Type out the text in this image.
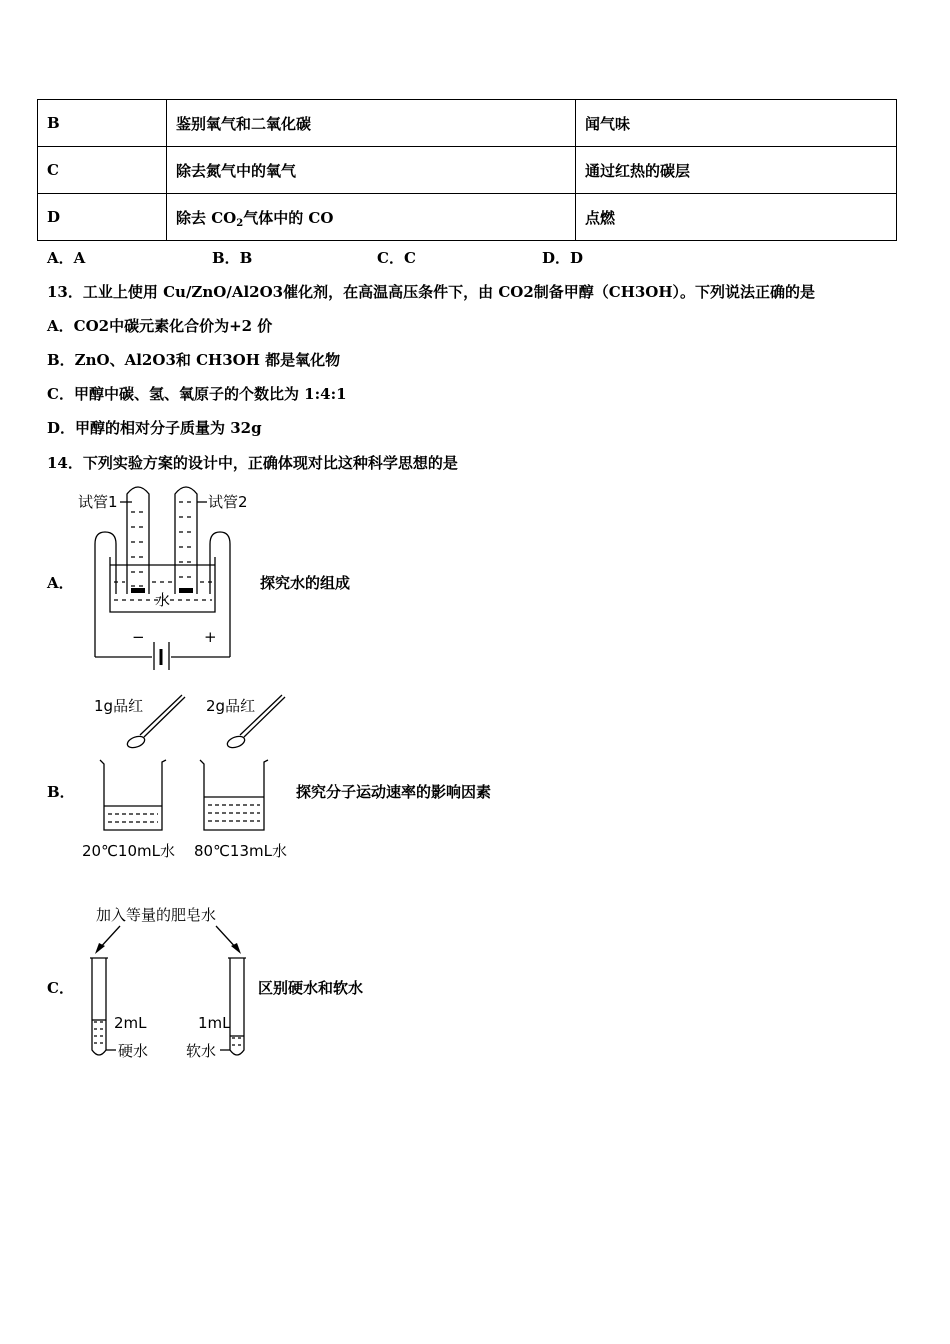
B	鉴别氧气和二氧化碳	闻气味
C	除去氮气中的氧气	通过红热的碳层
D	除去 $CO_2$气体中的 CO	点燃
A．A	B．B	C．C	D．D
13．工业上使用 Cu/ZnO/Al2O3催化剂，在高温高压条件下，由 CO2制备甲醇（CH3OH）。下列说法正确的是
A．CO2中碳元素化合价为+2 价
B．ZnO、Al2O3和 CH3OH 都是氧化物
C．甲醇中碳、氢、氧原子的个数比为 1:4:1
D．甲醇的相对分子质量为 32g
14．下列实验方案的设计中，正确体现对比这种科学思想的是
A．	探究水的组成
试管1	试管2
水
−	+
B．	探究分子运动速率的影响因素
1g品红	2g品红
20℃10mL水 80℃13mL水
C．	区别硬水和软水
加入等量的肥皂水
2mL	1mL
硬水	软水
